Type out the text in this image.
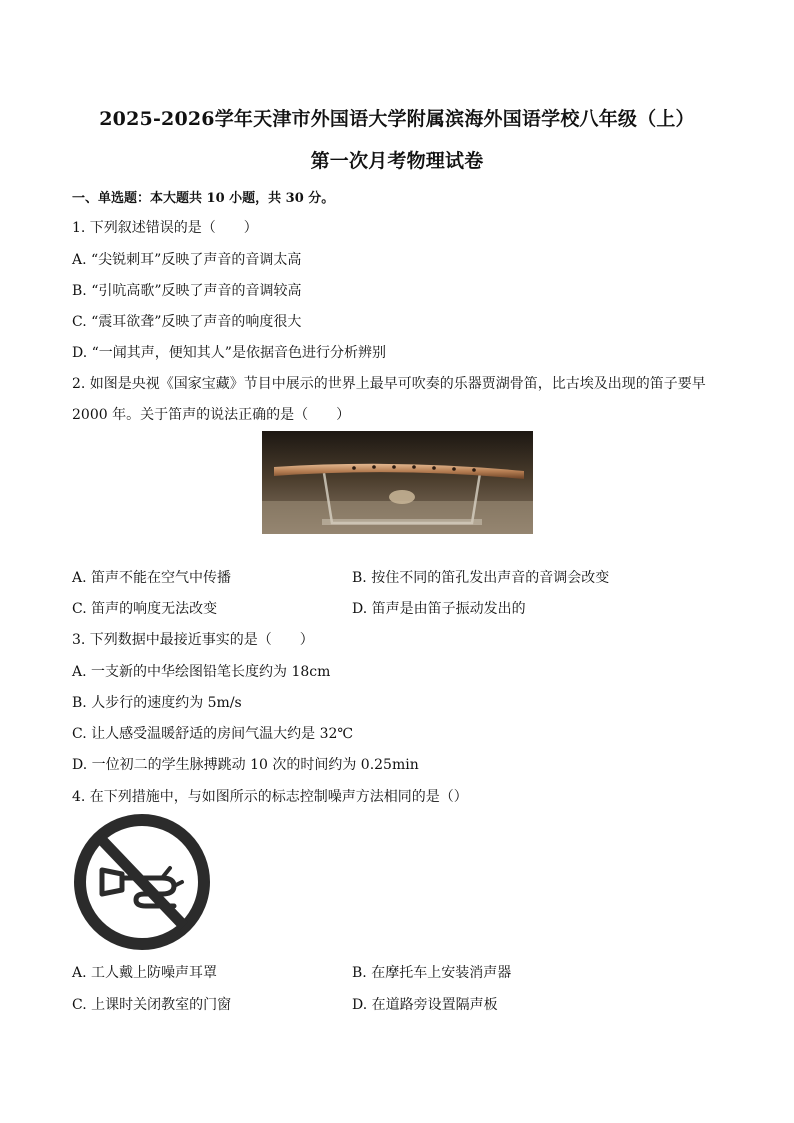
2025-2026学年天津市外国语大学附属滨海外国语学校八年级（上）
第一次月考物理试卷
一、单选题：本大题共 10 小题，共 30 分。
1. 下列叙述错误的是（　　）
A. “尖锐刺耳”反映了声音的音调太高
B. “引吭高歌”反映了声音的音调较高
C. “震耳欲聋”反映了声音的响度很大
D. “一闻其声，便知其人”是依据音色进行分析辨别
2. 如图是央视《国家宝藏》节目中展示的世界上最早可吹奏的乐器贾湖骨笛，比古埃及出现的笛子要早
2000 年。关于笛声的说法正确的是（　　）
A. 笛声不能在空气中传播	B. 按住不同的笛孔发出声音的音调会改变
C. 笛声的响度无法改变	D. 笛声是由笛子振动发出的
3. 下列数据中最接近事实的是（　　）
A. 一支新的中华绘图铅笔长度约为 18cm
B. 人步行的速度约为 5m/s
C. 让人感受温暖舒适的房间气温大约是 32℃
D. 一位初二的学生脉搏跳动 10 次的时间约为 0.25min
4. 在下列措施中，与如图所示的标志控制噪声方法相同的是（）
A. 工人戴上防噪声耳罩	B. 在摩托车上安装消声器
C. 上课时关闭教室的门窗	D. 在道路旁设置隔声板
